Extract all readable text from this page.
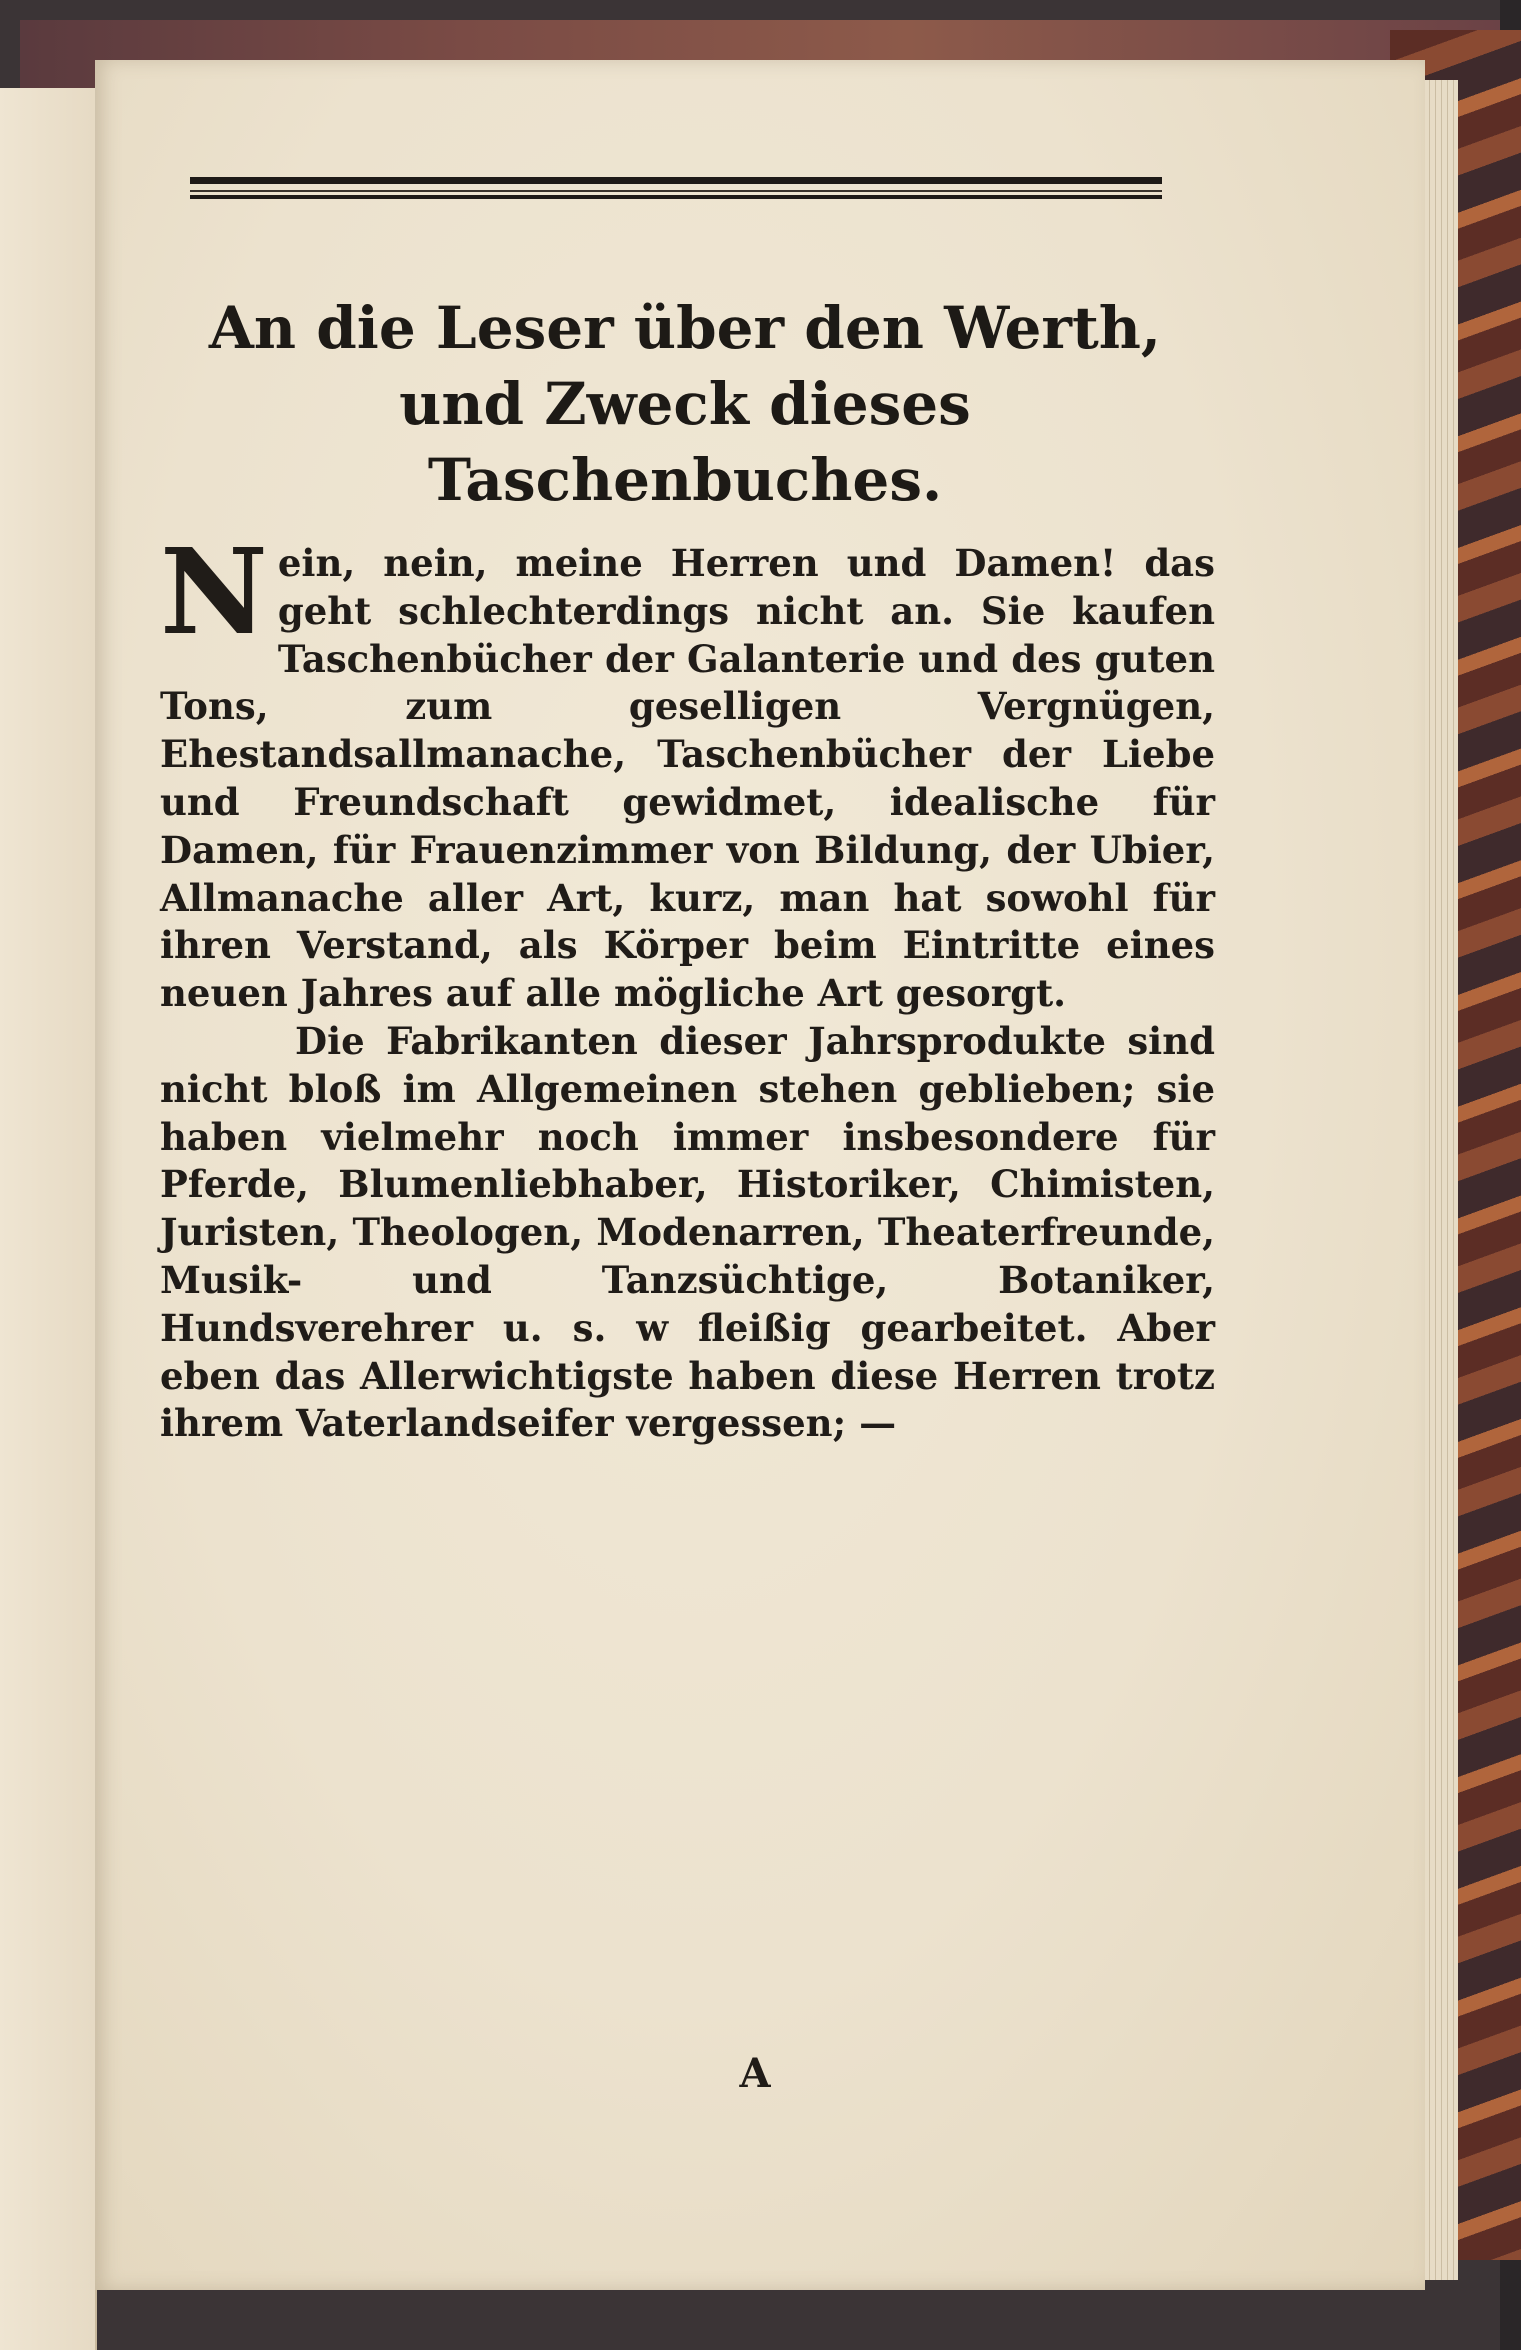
An die Leser über den Werth, und Zweck dieses Taschenbuches.
Nein, nein, meine Herren und Damen! das geht schlechterdings nicht an. Sie kaufen Taschenbücher der Galanterie und des guten Tons, zum geselligen Vergnügen, Ehestandsallmanache, Taschenbücher der Liebe und Freundschaft gewidmet, idealische für Damen, für Frauenzimmer von Bildung, der Ubier, Allmanache aller Art, kurz, man hat sowohl für ihren Verstand, als Körper beim Eintritte eines neuen Jahres auf alle mögliche Art gesorgt.
Die Fabrikanten dieser Jahrsprodukte sind nicht bloß im Allgemeinen stehen geblieben; sie haben vielmehr noch immer insbesondere für Pferde, Blumenliebhaber, Historiker, Chimisten, Juristen, Theologen, Modenarren, Theaterfreunde, Musik- und Tanzsüchtige, Botaniker, Hundsverehrer u. s. w fleißig gearbeitet. Aber eben das Allerwichtigste haben diese Herren trotz ihrem Vaterlandseifer vergessen; —
A
